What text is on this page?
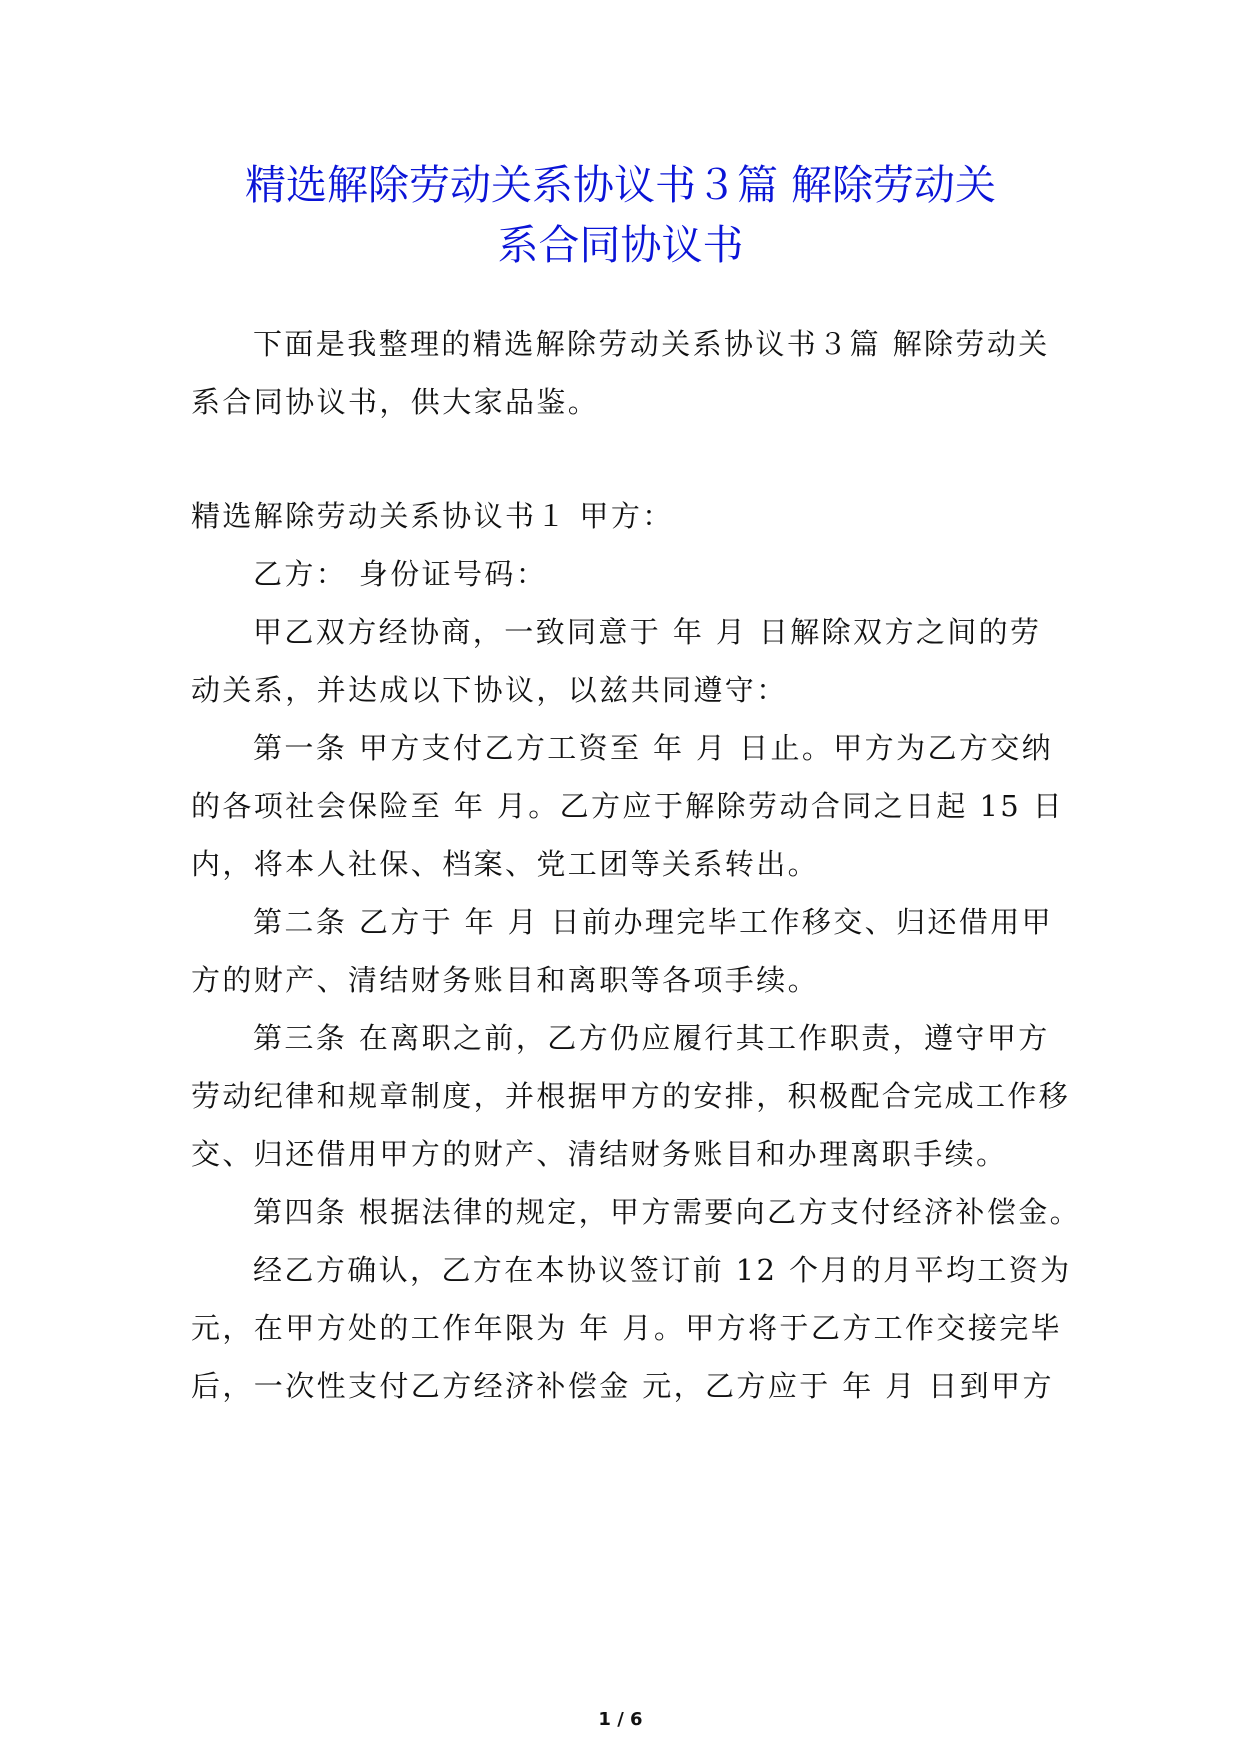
精选解除劳动关系协议书３篇 解除劳动关
系合同协议书

下面是我整理的精选解除劳动关系协议书３篇 解除劳动关

系合同协议书，供大家品鉴。

精选解除劳动关系协议书１ 甲方：

乙方： 身份证号码：

甲乙双方经协商，一致同意于 年 月 日解除双方之间的劳

动关系，并达成以下协议，以兹共同遵守：

第一条 甲方支付乙方工资至 年 月 日止。甲方为乙方交纳

的各项社会保险至 年 月。乙方应于解除劳动合同之日起 15 日

内，将本人社保、档案、党工团等关系转出。

第二条 乙方于 年 月 日前办理完毕工作移交、归还借用甲

方的财产、清结财务账目和离职等各项手续。

第三条 在离职之前，乙方仍应履行其工作职责，遵守甲方

劳动纪律和规章制度，并根据甲方的安排，积极配合完成工作移

交、归还借用甲方的财产、清结财务账目和办理离职手续。

第四条 根据法律的规定，甲方需要向乙方支付经济补偿金。

经乙方确认，乙方在本协议签订前 12 个月的月平均工资为

元，在甲方处的工作年限为 年 月。甲方将于乙方工作交接完毕

后，一次性支付乙方经济补偿金 元，乙方应于 年 月 日到甲方

1 / 6
